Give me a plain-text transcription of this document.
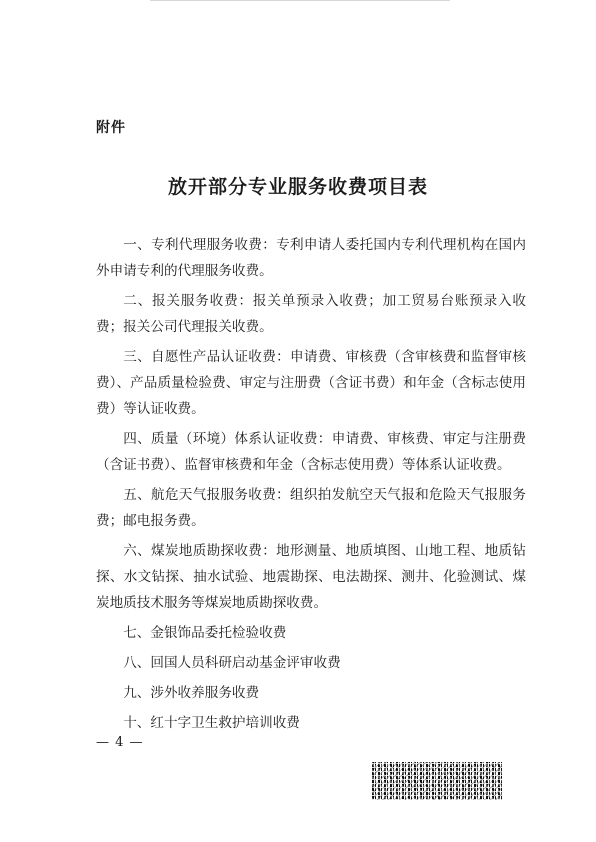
附件
放开部分专业服务收费项目表

一、专利代理服务收费：专利申请人委托国内专利代理机构在国内外申请专利的代理服务收费。

二、报关服务收费：报关单预录入收费；加工贸易台账预录入收费；报关公司代理报关收费。

三、自愿性产品认证收费：申请费、审核费（含审核费和监督审核费）、产品质量检验费、审定与注册费（含证书费）和年金（含标志使用费）等认证收费。

四、质量（环境）体系认证收费：申请费、审核费、审定与注册费（含证书费）、监督审核费和年金（含标志使用费）等体系认证收费。

五、航危天气报服务收费：组织拍发航空天气报和危险天气报服务费；邮电报务费。

六、煤炭地质勘探收费：地形测量、地质填图、山地工程、地质钻探、水文钻探、抽水试验、地震勘探、电法勘探、测井、化验测试、煤炭地质技术服务等煤炭地质勘探收费。

七、金银饰品委托检验收费

八、回国人员科研启动基金评审收费

九、涉外收养服务收费

十、红十字卫生救护培训收费

— 4 —
